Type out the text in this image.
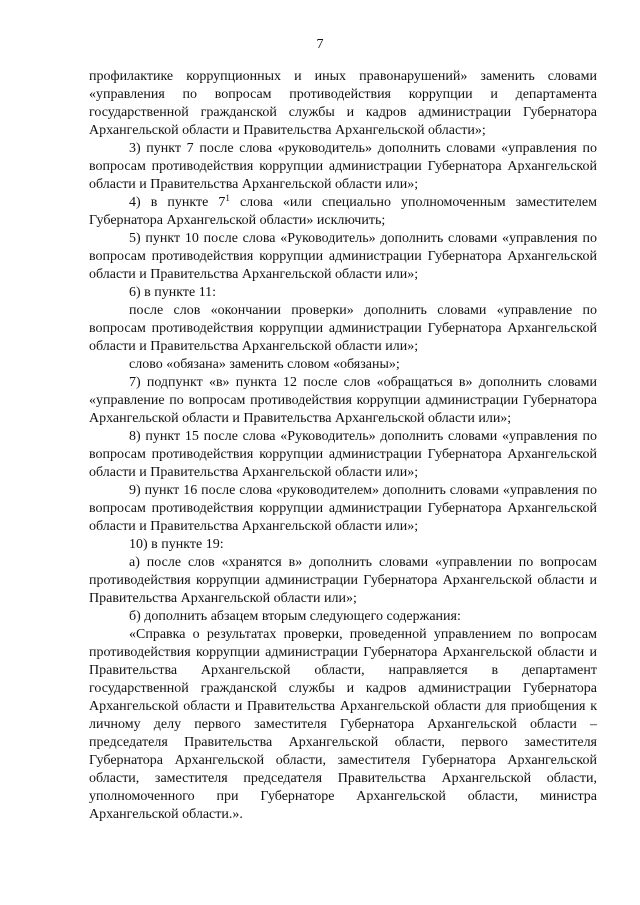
7

профилактике коррупционных и иных правонарушений» заменить словами «управления по вопросам противодействия коррупции и департамента государственной гражданской службы и кадров администрации Губернатора Архангельской области и Правительства Архангельской области»;

3) пункт 7 после слова «руководитель» дополнить словами «управления по вопросам противодействия коррупции администрации Губернатора Архангельской области и Правительства Архангельской области или»;

4) в пункте $7^1$ слова «или специально уполномоченным заместителем Губернатора Архангельской области» исключить;

5) пункт 10 после слова «Руководитель» дополнить словами «управления по вопросам противодействия коррупции администрации Губернатора Архангельской области и Правительства Архангельской области или»;

6) в пункте 11:

после слов «окончании проверки» дополнить словами «управление по вопросам противодействия коррупции администрации Губернатора Архангельской области и Правительства Архангельской области или»;

слово «обязана» заменить словом «обязаны»;

7) подпункт «в» пункта 12 после слов «обращаться в» дополнить словами «управление по вопросам противодействия коррупции администрации Губернатора Архангельской области и Правительства Архангельской области или»;

8) пункт 15 после слова «Руководитель» дополнить словами «управления по вопросам противодействия коррупции администрации Губернатора Архангельской области и Правительства Архангельской области или»;

9) пункт 16 после слова «руководителем» дополнить словами «управления по вопросам противодействия коррупции администрации Губернатора Архангельской области и Правительства Архангельской области или»;

10) в пункте 19:

а) после слов «хранятся в» дополнить словами «управлении по вопросам противодействия коррупции администрации Губернатора Архангельской области и Правительства Архангельской области или»;

б) дополнить абзацем вторым следующего содержания:

«Справка о результатах проверки, проведенной управлением по вопросам противодействия коррупции администрации Губернатора Архангельской области и Правительства Архангельской области, направляется в департамент государственной гражданской службы и кадров администрации Губернатора Архангельской области и Правительства Архангельской области для приобщения к личному делу первого заместителя Губернатора Архангельской области – председателя Правительства Архангельской области, первого заместителя Губернатора Архангельской области, заместителя Губернатора Архангельской области, заместителя председателя Правительства Архангельской области, уполномоченного при Губернаторе Архангельской области, министра Архангельской области.».
